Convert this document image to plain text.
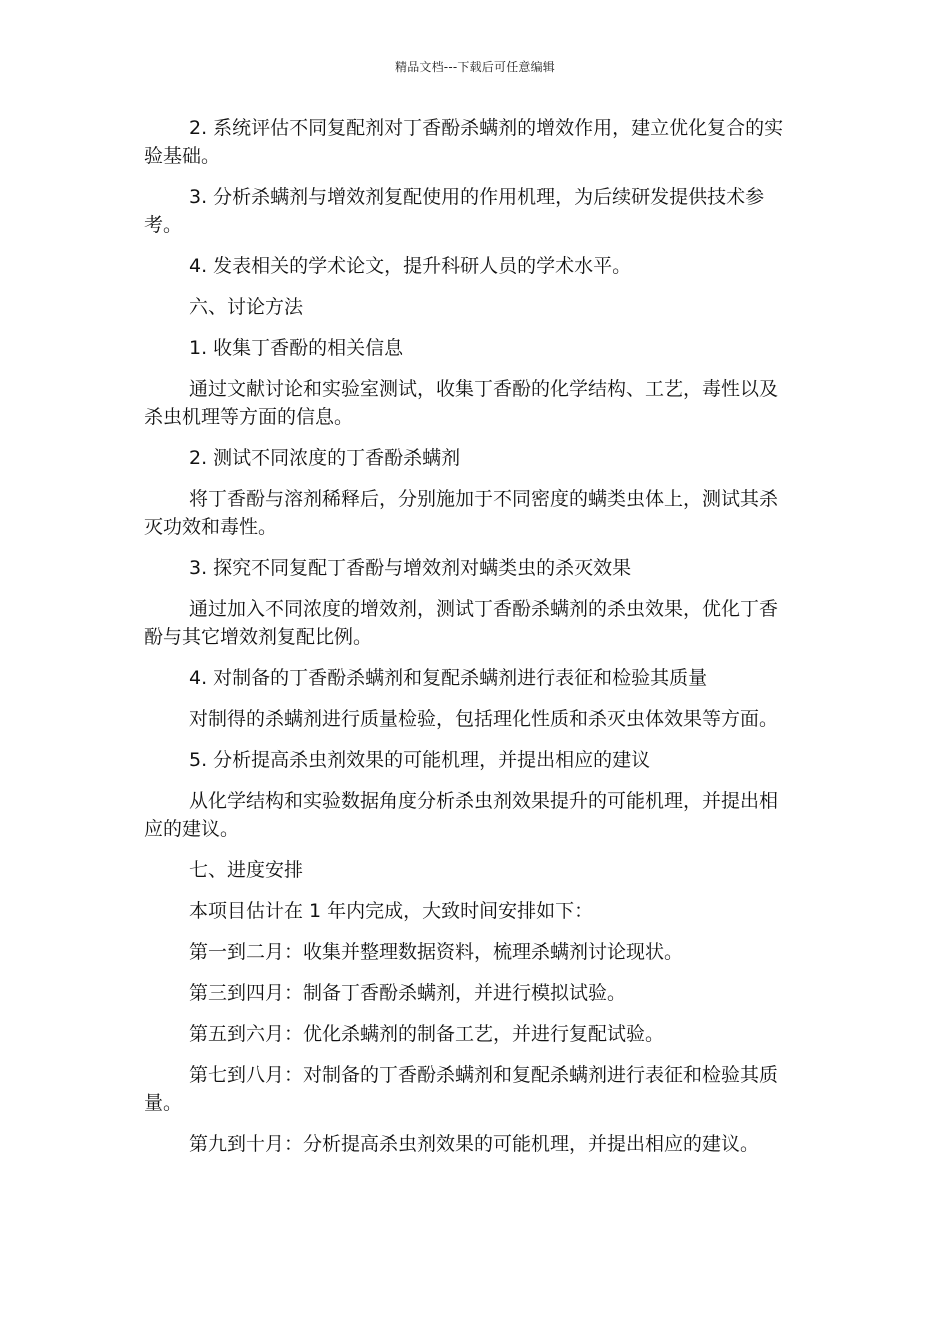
精品文档---下载后可任意编辑

2. 系统评估不同复配剂对丁香酚杀螨剂的增效作用，建立优化复合的实验基础。

3. 分析杀螨剂与增效剂复配使用的作用机理，为后续研发提供技术参考。

4. 发表相关的学术论文，提升科研人员的学术水平。

六、讨论方法

1. 收集丁香酚的相关信息

通过文献讨论和实验室测试，收集丁香酚的化学结构、工艺，毒性以及杀虫机理等方面的信息。

2. 测试不同浓度的丁香酚杀螨剂

将丁香酚与溶剂稀释后，分别施加于不同密度的螨类虫体上，测试其杀灭功效和毒性。

3. 探究不同复配丁香酚与增效剂对螨类虫的杀灭效果

通过加入不同浓度的增效剂，测试丁香酚杀螨剂的杀虫效果，优化丁香酚与其它增效剂复配比例。

4. 对制备的丁香酚杀螨剂和复配杀螨剂进行表征和检验其质量

对制得的杀螨剂进行质量检验，包括理化性质和杀灭虫体效果等方面。

5. 分析提高杀虫剂效果的可能机理，并提出相应的建议

从化学结构和实验数据角度分析杀虫剂效果提升的可能机理，并提出相应的建议。

七、进度安排

本项目估计在 1 年内完成，大致时间安排如下：

第一到二月：收集并整理数据资料，梳理杀螨剂讨论现状。

第三到四月：制备丁香酚杀螨剂，并进行模拟试验。

第五到六月：优化杀螨剂的制备工艺，并进行复配试验。

第七到八月：对制备的丁香酚杀螨剂和复配杀螨剂进行表征和检验其质量。

第九到十月：分析提高杀虫剂效果的可能机理，并提出相应的建议。
